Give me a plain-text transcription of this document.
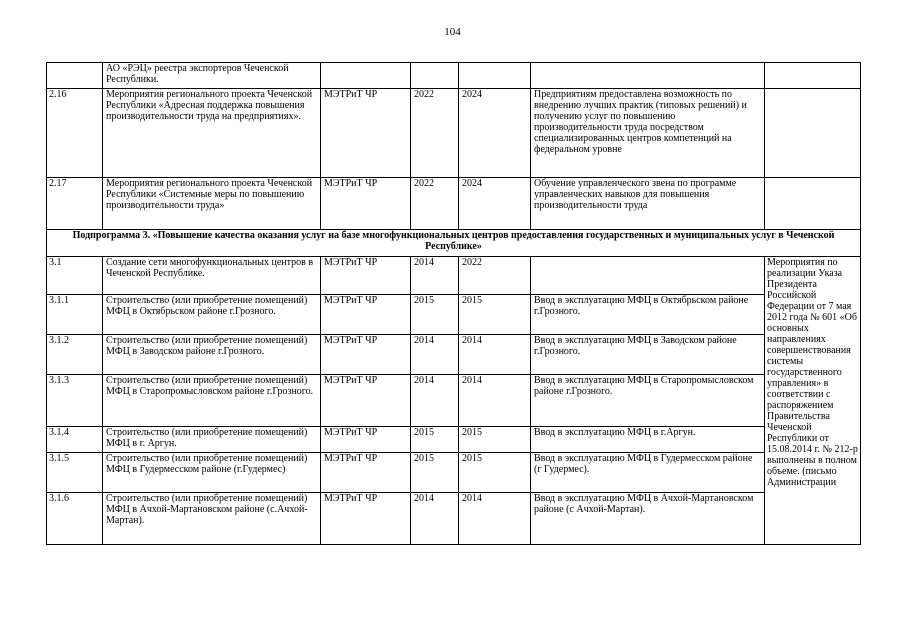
104
	АО «РЭЦ» реестра экспортеров Чеченской Республики.					
2.16	Мероприятия регионального проекта Чеченской Республики «Адресная поддержка повышения производительности труда на предприятиях».	МЭТРиТ ЧР	2022	2024	Предприятиям предоставлена возможность по внедрению лучших практик (типовых решений) и получению услуг по повышению производительности труда посредством специализированных центров компетенций на федеральном уровне	
2.17	Мероприятия регионального проекта Чеченской Республики «Системные меры по повышению производительности труда»	МЭТРиТ ЧР	2022	2024	Обучение управленческого звена по программе управленческих навыков для повышения производительности труда	
Подпрограмма 3. «Повышение качества оказания услуг на базе многофункциональных центров предоставления государственных и муниципальных услуг в Чеченской Республике»						
3.1	Создание сети многофункциональных центров в Чеченской Республике.	МЭТРиТ ЧР	2014	2022		Мероприятия по реализации Указа Президента Российской Федерации от 7 мая 2012 года № 601 «Об основных направлениях совершенствования системы государственного управления» в соответствии с распоряжением Правительства Чеченской Республики от 15.08.2014 г. № 212-р выполнены в полном объеме. (письмо Администрации
3.1.1	Строительство (или приобретение помещений) МФЦ в Октябрьском районе г.Грозного.	МЭТРиТ ЧР	2015	2015	Ввод в эксплуатацию МФЦ в Октябрьском районе г.Грозного.	
3.1.2	Строительство (или приобретение помещений) МФЦ в Заводском районе г.Грозного.	МЭТРиТ ЧР	2014	2014	Ввод в эксплуатацию МФЦ в Заводском районе г.Грозного.	
3.1.3	Строительство (или приобретение помещений) МФЦ в Старопромысловском районе г.Грозного.	МЭТРиТ ЧР	2014	2014	Ввод в эксплуатацию МФЦ в Старопромысловском районе г.Грозного.	
3.1.4	Строительство (или приобретение помещений) МФЦ в г. Аргун.	МЭТРиТ ЧР	2015	2015	Ввод в эксплуатацию МФЦ в г.Аргун.	
3.1.5	Строительство (или приобретение помещений) МФЦ в Гудермесском районе (г.Гудермес)	МЭТРиТ ЧР	2015	2015	Ввод в эксплуатацию МФЦ в Гудермесском районе (г Гудермес).	
3.1.6	Строительство (или приобретение помещений) МФЦ в Ачхой-Мартановском районе (с.Ачхой-Мартан).	МЭТРиТ ЧР	2014	2014	Ввод в эксплуатацию МФЦ в Ачхой-Мартановском районе (с Ачхой-Мартан).	
